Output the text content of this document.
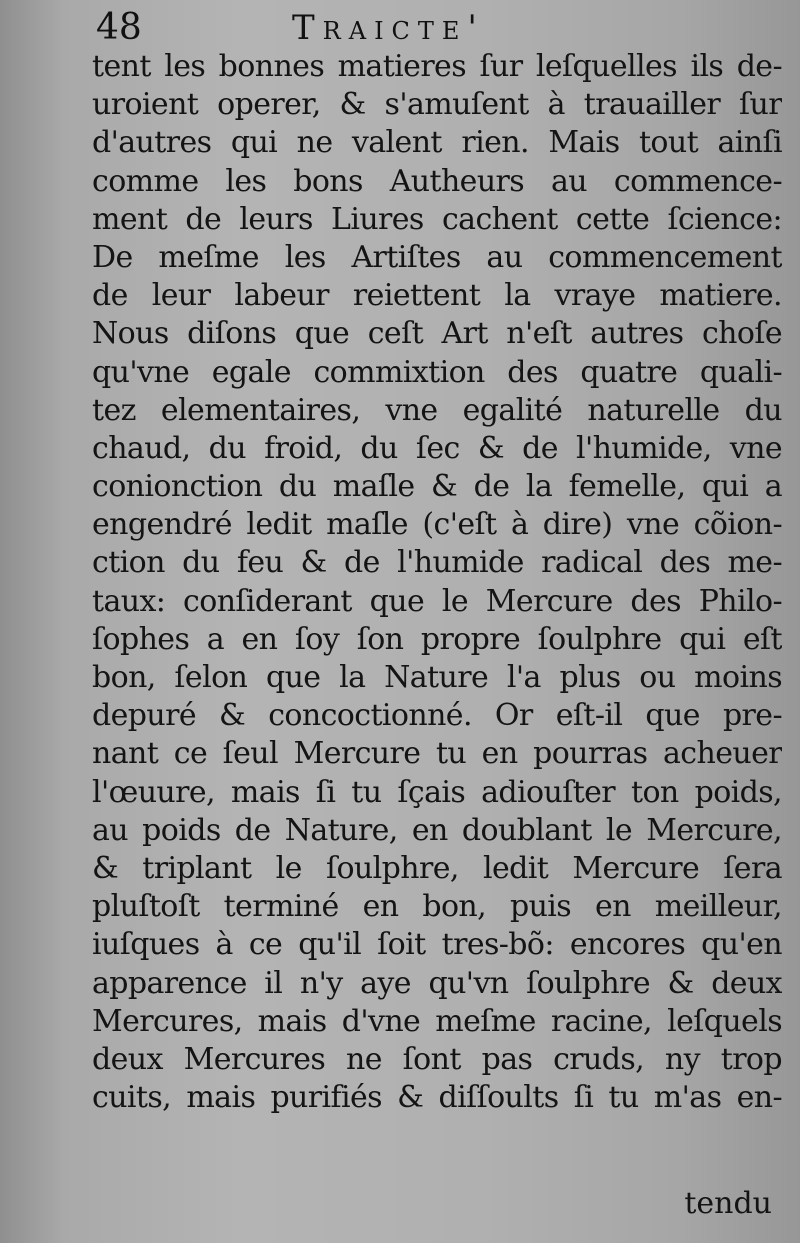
48	Traicte'
tent les bonnes matieres ſur leſquelles ils de-
uroient operer, & s'amuſent à trauailler ſur
d'autres qui ne valent rien. Mais tout ainſi
comme les bons Autheurs au commence-
ment de leurs Liures cachent cette ſcience:
De meſme les Artiſtes au commencement
de leur labeur reiettent la vraye matiere.
Nous diſons que ceſt Art n'eſt autres choſe
qu'vne egale commixtion des quatre quali-
tez elementaires, vne egalité naturelle du
chaud, du froid, du ſec & de l'humide, vne
conionction du maſle & de la femelle, qui a
engendré ledit maſle (c'eſt à dire) vne cõion-
ction du feu & de l'humide radical des me-
taux: conſiderant que le Mercure des Philo-
ſophes a en ſoy ſon propre ſoulphre qui eſt
bon, ſelon que la Nature l'a plus ou moins
depuré & concoctionné. Or eſt-il que pre-
nant ce ſeul Mercure tu en pourras acheuer
l'œuure, mais ſi tu ſçais adiouſter ton poids,
au poids de Nature, en doublant le Mercure,
& triplant le ſoulphre, ledit Mercure ſera
pluſtoſt terminé en bon, puis en meilleur,
iuſques à ce qu'il ſoit tres-bõ: encores qu'en
apparence il n'y aye qu'vn ſoulphre & deux
Mercures, mais d'vne meſme racine, leſquels
deux Mercures ne ſont pas cruds, ny trop
cuits, mais purifiés & diſſoults ſi tu m'as en-
tendu
